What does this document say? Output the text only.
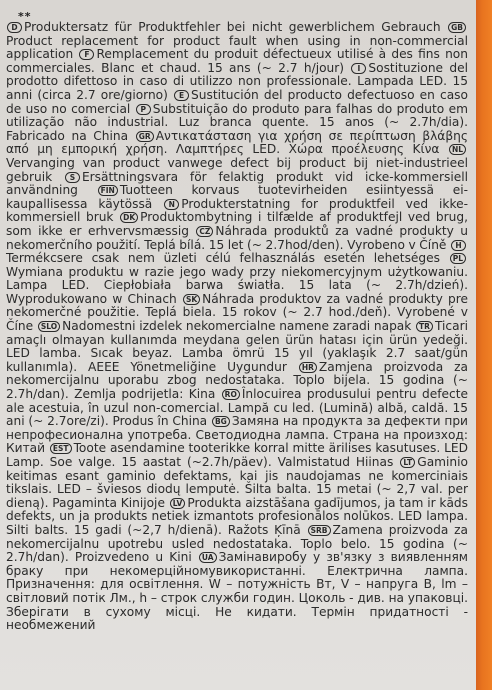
**
D Produktersatz für Produktfehler bei nicht gewerblichem Gebrauch GBProduct replacement for product fault when using in non-commercial application F Remplacement du produit défectueux utilisé à des fins non commerciales. Blanc et chaud. 15 ans (~ 2.7 h/jour) I Sostituzione del prodotto difettoso in caso di utilizzo non professionale. Lampada LED. 15 anni (circa 2.7 ore/giorno) E Sustitución del producto defectuoso en caso de uso no comercial P Substituição do produto para falhas do produto em utilização não industrial. Luz branca quente. 15 anos (~ 2.7h/dia). Fabricado na China GR Αντικατάσταση για χρήση σε περίπτωση βλάβης από μη εμπορική χρήση. Λαμπτήρες LED. Χώρα προέλευσης Κίνα NLVervanging van product vanwege defect bij product bij niet-industrieel gebruik S Ersättningsvara för felaktig produkt vid icke-kommersiell användning	FIN Tuotteen korvaus tuotevirheiden esiintyessä ei-kaupallisessa käytössä N Produkterstatning for produktfeil ved ikke-kommersiell bruk DK Produktombytning i tilfælde af produktfejl ved brug, som ikke er erhvervsmæssig CZ Náhrada produktů za vadné produkty u nekomerčního použití. Teplá bílá. 15 let (~ 2.7hod/den). Vyrobeno v Číně HTermékcsere csak nem üzleti célú felhasználás esetén lehetséges PLWymiana produktu w razie jego wady przy niekomercyjnym użytkowaniu. Lampa LED. Ciepłobiała barwa światła. 15 lata (~ 2.7h/dzień). Wyprodukowano w Chinach SK Náhrada produktov za vadné produkty pre nekomerčné použitie. Teplá biela. 15 rokov (~ 2.7 hod./deň). Vyrobené v Číne SLO Nadomestni izdelek nekomercialne namene zaradi napak TR Ticari amaçlı olmayan kullanımda meydana gelen ürün hatası için ürün yedeği. LED lamba. Sıcak beyaz. Lamba ömrü 15 yıl (yaklaşık 2.7 saat/gün kullanımla). AEEE Yönetmeliğine Uygundur HR Zamjena proizvoda za nekomercijalnu uporabu zbog nedostataka. Toplo bijela. 15 godina (~ 2.7h/dan). Zemlja podrijetla: Kina RO Înlocuirea produsului pentru defecte ale acestuia, în uzul non-comercial. Lampă cu led. (Lumină) albă, caldă. 15 ani (~ 2.7ore/zi). Produs în China BG Замяна на продукта за дефекти при непрофесионална употреба. Светодиодна лампа. Страна на произход: Китай EST Toote asendamine tooterikke korral mitte ärilises kasutuses. LED Lamp. Soe valge. 15 aastat (~2.7h/päev). Valmistatud Hiinas LT Gaminio keitimas esant gaminio defektams, kai jis naudojamas ne komerciniais tikslais. LED – šviesos diodų lemputė. Šilta balta. 15 metai (~ 2,7 val. per dieną). Pagaminta Kinijoje LV Produkta aizstāšana gadījumos, ja tam ir kāds defekts, un ja produkts netiek izmantots profesionālos nolūkos. LED lampa. Silti balts. 15 gadi (~2,7 h/dienā). Ražots Ķīnā SRB Zamena proizvoda za nekomercijalnu upotrebu usled nedostataka. Toplo belo. 15 godina (~ 2.7h/dan). Proizvedeno u Kini UA Замінавиробу у зв'язку з виявленням браку при некомерційномувикористанні. Електрична лампа. Призначення: для освітлення. W – потужність Вт, V – напруга В, lm – світловий потік Лм., h – строк служби годин. Цоколь - див. на упаковці. Зберігати в сухому місці. Не кидати. Термін придатності - необмежений
